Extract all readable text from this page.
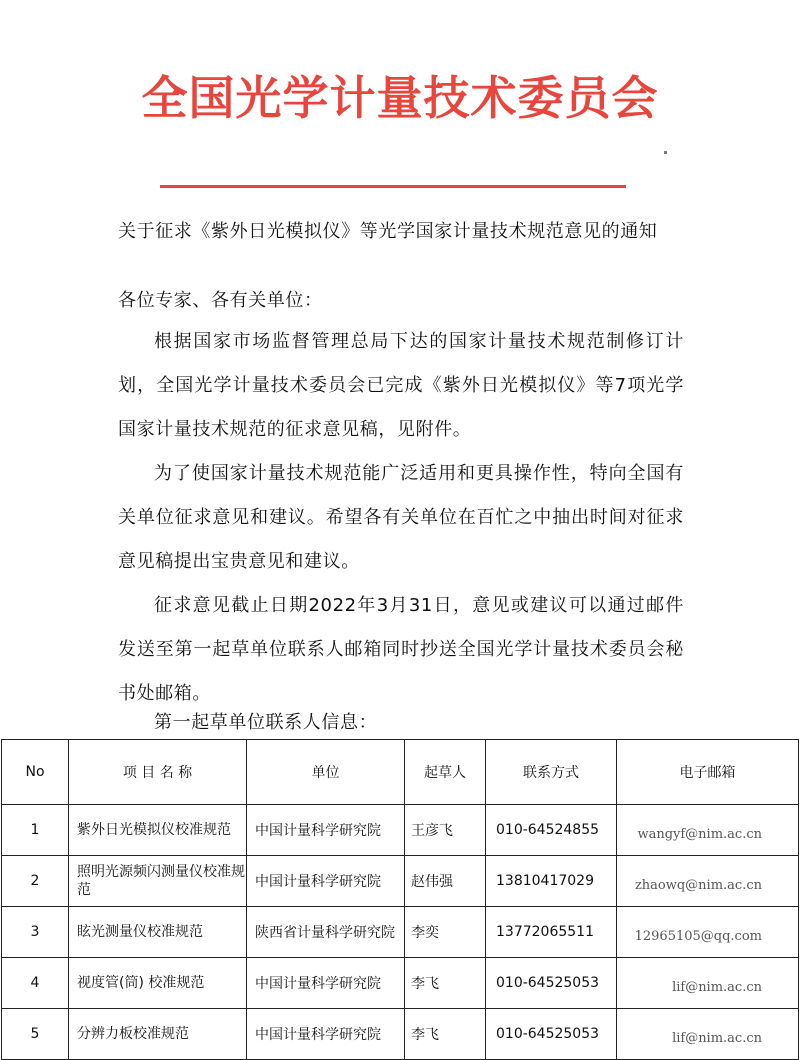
全国光学计量技术委员会
关于征求《紫外日光模拟仪》等光学国家计量技术规范意见的通知
各位专家、各有关单位：
根据国家市场监督管理总局下达的国家计量技术规范制修订计划，全国光学计量技术委员会已完成《紫外日光模拟仪》等7项光学国家计量技术规范的征求意见稿，见附件。
为了使国家计量技术规范能广泛适用和更具操作性，特向全国有关单位征求意见和建议。希望各有关单位在百忙之中抽出时间对征求意见稿提出宝贵意见和建议。
征求意见截止日期2022年3月31日，意见或建议可以通过邮件发送至第一起草单位联系人邮箱同时抄送全国光学计量技术委员会秘书处邮箱。
第一起草单位联系人信息：
No	项 目 名 称	单位	起草人	联系方式	电子邮箱
1	紫外日光模拟仪校准规范	中国计量科学研究院	王彦飞	010-64524855	wangyf@nim.ac.cn
2	照明光源频闪测量仪校准规范	中国计量科学研究院	赵伟强	13810417029	zhaowq@nim.ac.cn
3	眩光测量仪校准规范	陕西省计量科学研究院	李奕	13772065511	12965105@qq.com
4	视度管(筒) 校准规范	中国计量科学研究院	李飞	010-64525053	lif@nim.ac.cn
5	分辨力板校准规范	中国计量科学研究院	李飞	010-64525053	lif@nim.ac.cn
